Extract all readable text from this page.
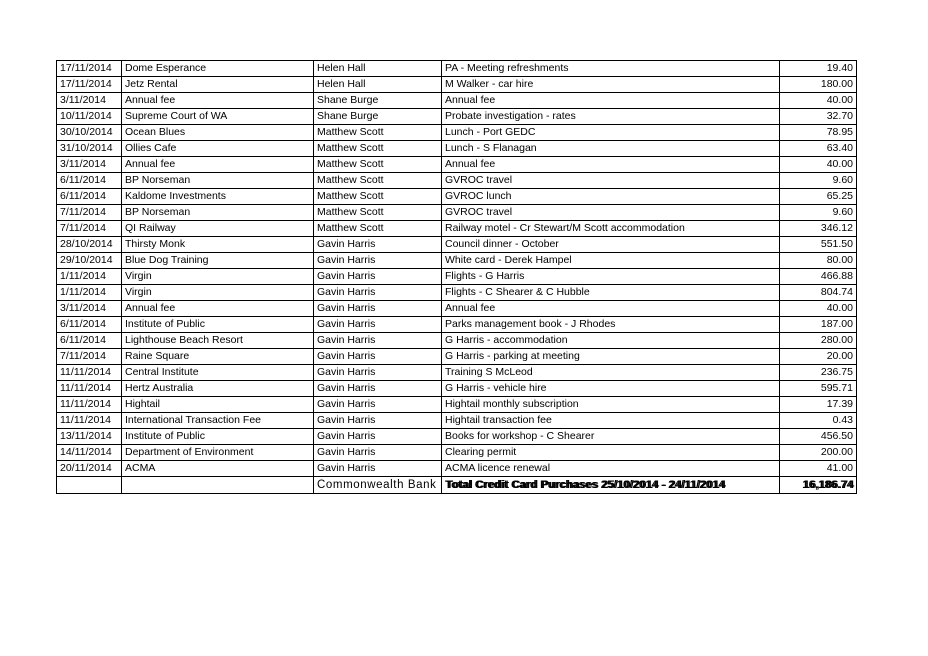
17/11/2014	Dome Esperance	Helen Hall	PA - Meeting refreshments	19.40
17/11/2014	Jetz Rental	Helen Hall	M Walker - car hire	180.00
3/11/2014	Annual fee	Shane Burge	Annual fee	40.00
10/11/2014	Supreme Court of WA	Shane Burge	Probate investigation - rates	32.70
30/10/2014	Ocean Blues	Matthew Scott	Lunch - Port GEDC	78.95
31/10/2014	Ollies Cafe	Matthew Scott	Lunch - S Flanagan	63.40
3/11/2014	Annual fee	Matthew Scott	Annual fee	40.00
6/11/2014	BP Norseman	Matthew Scott	GVROC travel	9.60
6/11/2014	Kaldome Investments	Matthew Scott	GVROC lunch	65.25
7/11/2014	BP Norseman	Matthew Scott	GVROC travel	9.60
7/11/2014	QI Railway	Matthew Scott	Railway motel - Cr Stewart/M Scott accommodation	346.12
28/10/2014	Thirsty Monk	Gavin Harris	Council dinner - October	551.50
29/10/2014	Blue Dog Training	Gavin Harris	White card - Derek Hampel	80.00
1/11/2014	Virgin	Gavin Harris	Flights - G Harris	466.88
1/11/2014	Virgin	Gavin Harris	Flights - C Shearer & C Hubble	804.74
3/11/2014	Annual fee	Gavin Harris	Annual fee	40.00
6/11/2014	Institute of Public	Gavin Harris	Parks management book - J Rhodes	187.00
6/11/2014	Lighthouse Beach Resort	Gavin Harris	G Harris - accommodation	280.00
7/11/2014	Raine Square	Gavin Harris	G Harris - parking at meeting	20.00
11/11/2014	Central Institute	Gavin Harris	Training S McLeod	236.75
11/11/2014	Hertz Australia	Gavin Harris	G Harris - vehicle hire	595.71
11/11/2014	Hightail	Gavin Harris	Hightail monthly subscription	17.39
11/11/2014	International Transaction Fee	Gavin Harris	Hightail transaction fee	0.43
13/11/2014	Institute of Public	Gavin Harris	Books for workshop - C Shearer	456.50
14/11/2014	Department of Environment	Gavin Harris	Clearing permit	200.00
20/11/2014	ACMA	Gavin Harris	ACMA licence renewal	41.00
		Commonwealth Bank	Total Credit Card Purchases 25/10/2014 - 24/11/2014	16,186.74
